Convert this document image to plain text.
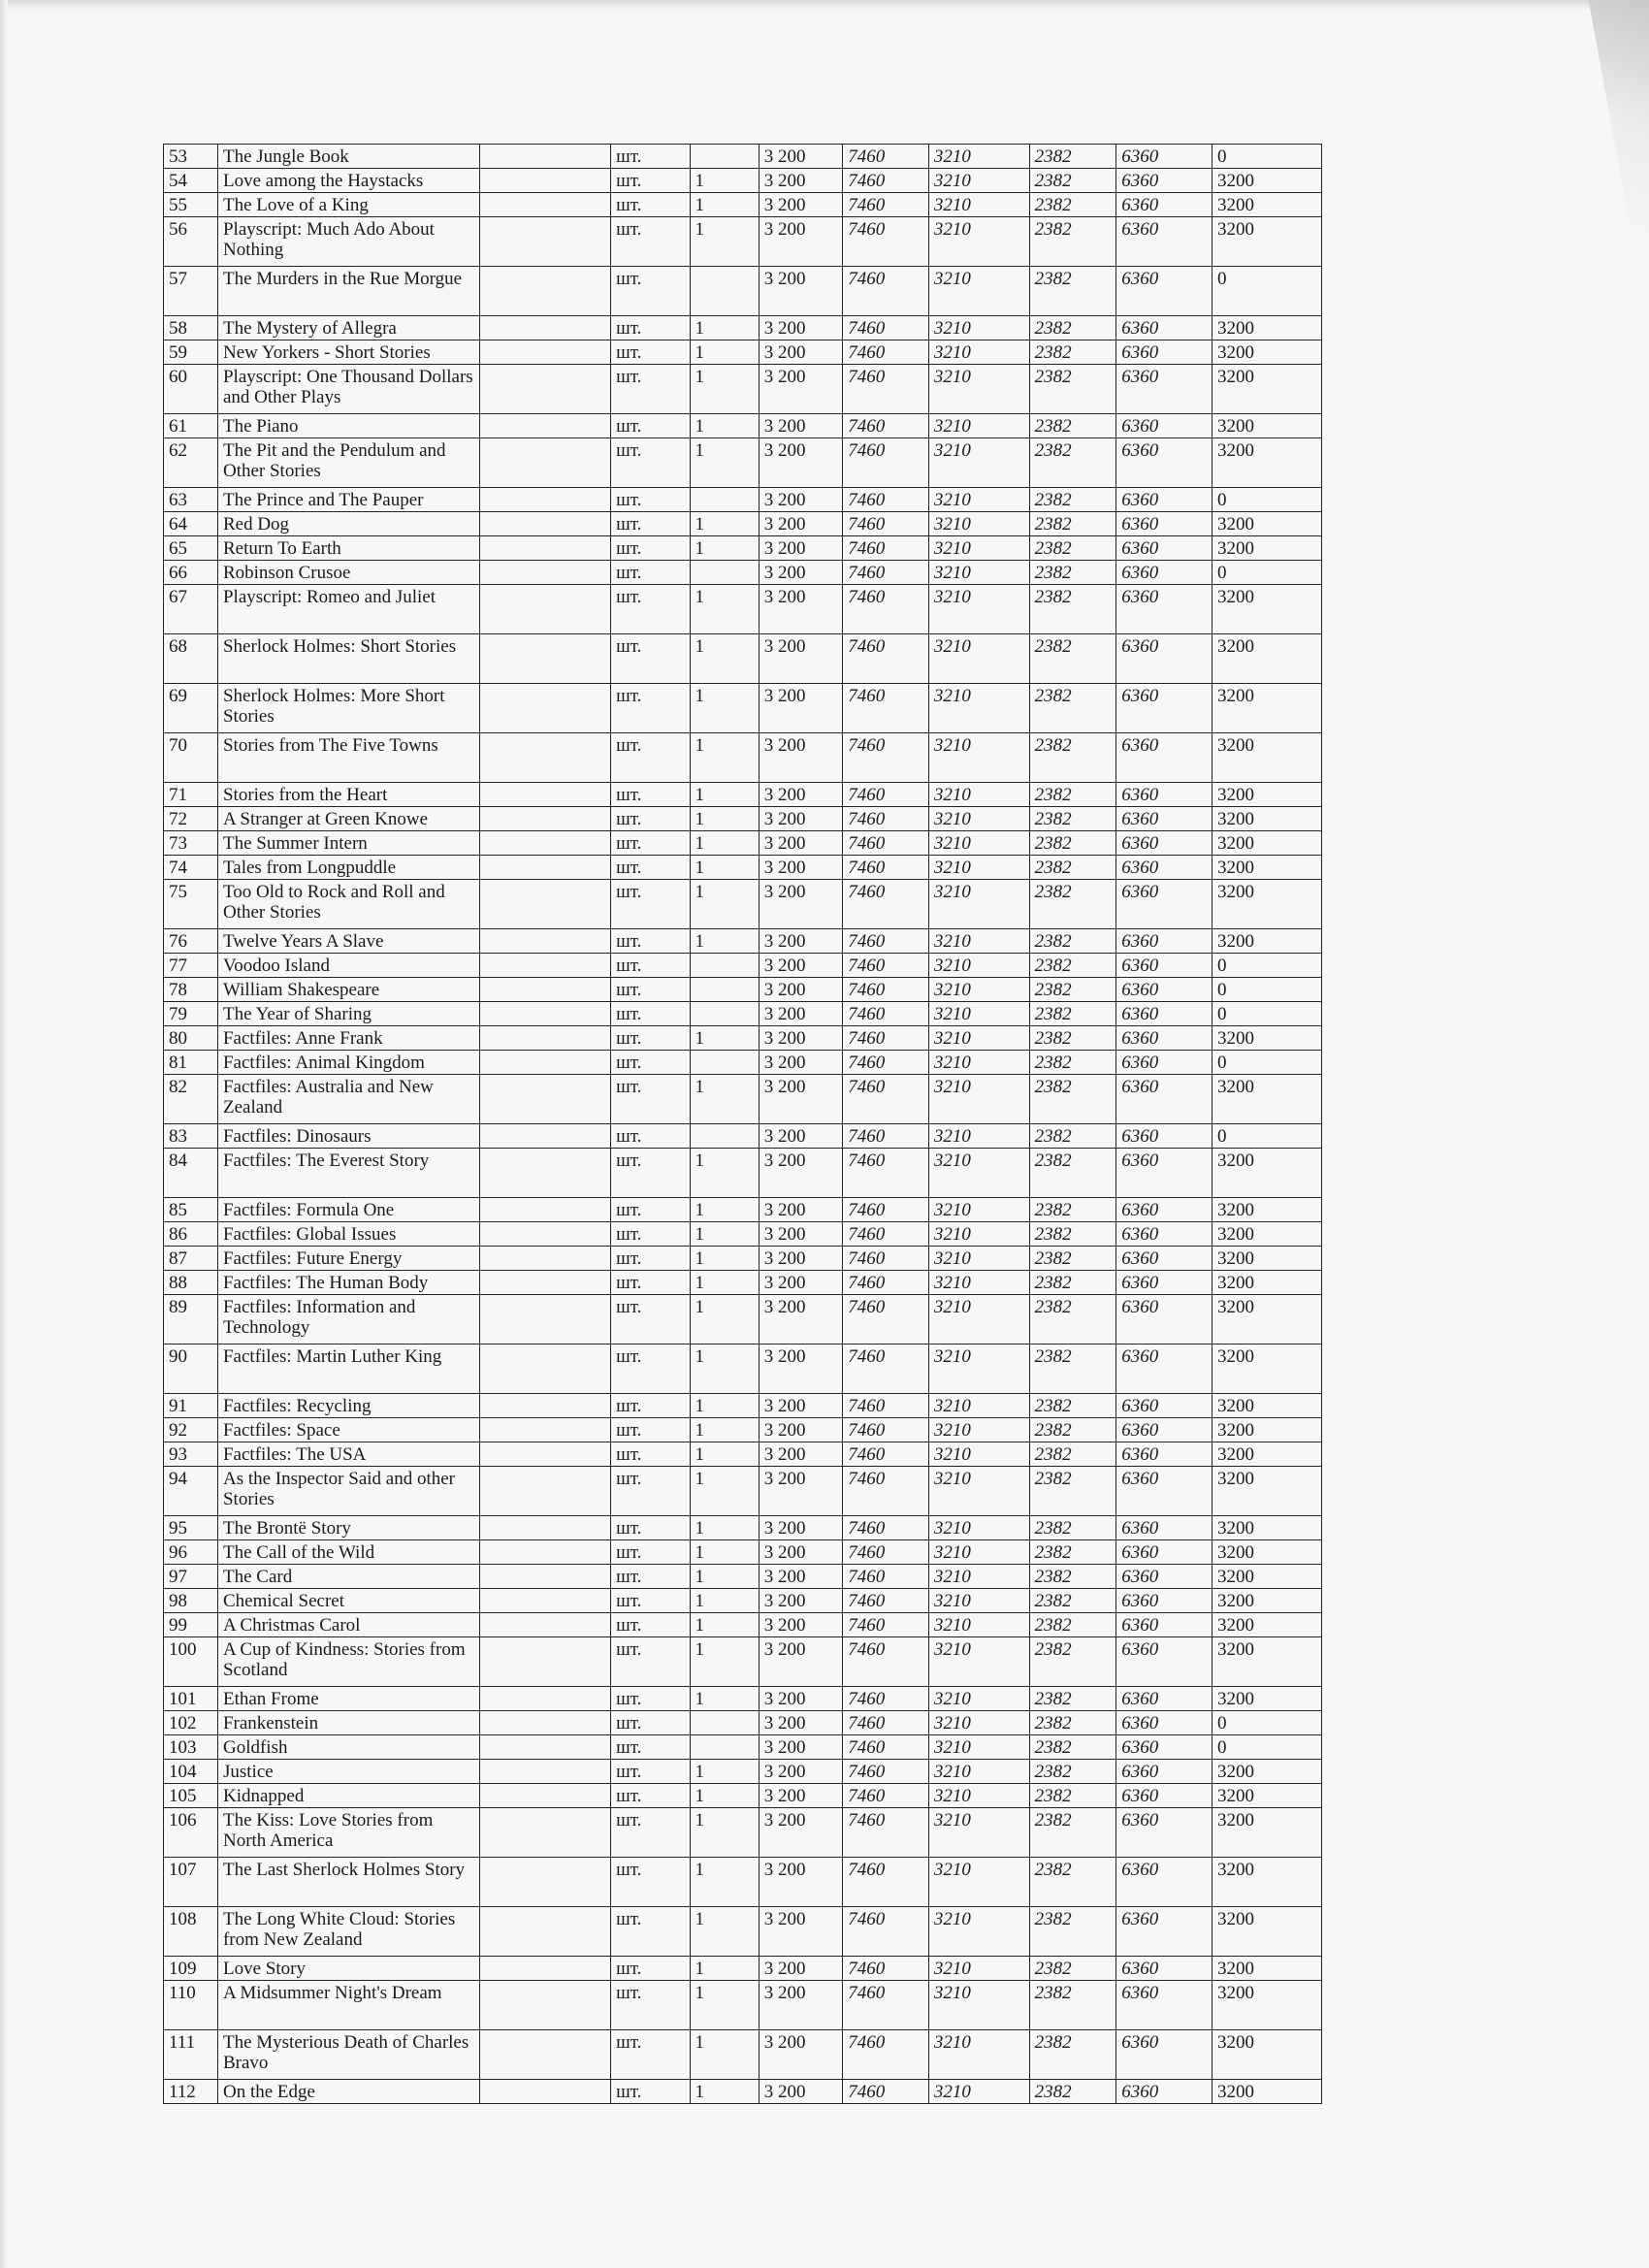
53	The Jungle Book		шт.		3 200	7460	3210	2382	6360	0
54	Love among the Haystacks		шт.	1	3 200	7460	3210	2382	6360	3200
55	The Love of a King		шт.	1	3 200	7460	3210	2382	6360	3200
56	Playscript: Much Ado About Nothing		шт.	1	3 200	7460	3210	2382	6360	3200
57	The Murders in the Rue Morgue		шт.		3 200	7460	3210	2382	6360	0
58	The Mystery of Allegra		шт.	1	3 200	7460	3210	2382	6360	3200
59	New Yorkers - Short Stories		шт.	1	3 200	7460	3210	2382	6360	3200
60	Playscript: One Thousand Dollars and Other Plays		шт.	1	3 200	7460	3210	2382	6360	3200
61	The Piano		шт.	1	3 200	7460	3210	2382	6360	3200
62	The Pit and the Pendulum and Other Stories		шт.	1	3 200	7460	3210	2382	6360	3200
63	The Prince and The Pauper		шт.		3 200	7460	3210	2382	6360	0
64	Red Dog		шт.	1	3 200	7460	3210	2382	6360	3200
65	Return To Earth		шт.	1	3 200	7460	3210	2382	6360	3200
66	Robinson Crusoe		шт.		3 200	7460	3210	2382	6360	0
67	Playscript: Romeo and Juliet		шт.	1	3 200	7460	3210	2382	6360	3200
68	Sherlock Holmes: Short Stories		шт.	1	3 200	7460	3210	2382	6360	3200
69	Sherlock Holmes: More Short Stories		шт.	1	3 200	7460	3210	2382	6360	3200
70	Stories from The Five Towns		шт.	1	3 200	7460	3210	2382	6360	3200
71	Stories from the Heart		шт.	1	3 200	7460	3210	2382	6360	3200
72	A Stranger at Green Knowe		шт.	1	3 200	7460	3210	2382	6360	3200
73	The Summer Intern		шт.	1	3 200	7460	3210	2382	6360	3200
74	Tales from Longpuddle		шт.	1	3 200	7460	3210	2382	6360	3200
75	Too Old to Rock and Roll and Other Stories		шт.	1	3 200	7460	3210	2382	6360	3200
76	Twelve Years A Slave		шт.	1	3 200	7460	3210	2382	6360	3200
77	Voodoo Island		шт.		3 200	7460	3210	2382	6360	0
78	William Shakespeare		шт.		3 200	7460	3210	2382	6360	0
79	The Year of Sharing		шт.		3 200	7460	3210	2382	6360	0
80	Factfiles: Anne Frank		шт.	1	3 200	7460	3210	2382	6360	3200
81	Factfiles: Animal Kingdom		шт.		3 200	7460	3210	2382	6360	0
82	Factfiles: Australia and New Zealand		шт.	1	3 200	7460	3210	2382	6360	3200
83	Factfiles: Dinosaurs		шт.		3 200	7460	3210	2382	6360	0
84	Factfiles: The Everest Story		шт.	1	3 200	7460	3210	2382	6360	3200
85	Factfiles: Formula One		шт.	1	3 200	7460	3210	2382	6360	3200
86	Factfiles: Global Issues		шт.	1	3 200	7460	3210	2382	6360	3200
87	Factfiles: Future Energy		шт.	1	3 200	7460	3210	2382	6360	3200
88	Factfiles: The Human Body		шт.	1	3 200	7460	3210	2382	6360	3200
89	Factfiles: Information and Technology		шт.	1	3 200	7460	3210	2382	6360	3200
90	Factfiles: Martin Luther King		шт.	1	3 200	7460	3210	2382	6360	3200
91	Factfiles: Recycling		шт.	1	3 200	7460	3210	2382	6360	3200
92	Factfiles: Space		шт.	1	3 200	7460	3210	2382	6360	3200
93	Factfiles: The USA		шт.	1	3 200	7460	3210	2382	6360	3200
94	As the Inspector Said and other Stories		шт.	1	3 200	7460	3210	2382	6360	3200
95	The Brontë Story		шт.	1	3 200	7460	3210	2382	6360	3200
96	The Call of the Wild		шт.	1	3 200	7460	3210	2382	6360	3200
97	The Card		шт.	1	3 200	7460	3210	2382	6360	3200
98	Chemical Secret		шт.	1	3 200	7460	3210	2382	6360	3200
99	A Christmas Carol		шт.	1	3 200	7460	3210	2382	6360	3200
100	A Cup of Kindness: Stories from Scotland		шт.	1	3 200	7460	3210	2382	6360	3200
101	Ethan Frome		шт.	1	3 200	7460	3210	2382	6360	3200
102	Frankenstein		шт.		3 200	7460	3210	2382	6360	0
103	Goldfish		шт.		3 200	7460	3210	2382	6360	0
104	Justice		шт.	1	3 200	7460	3210	2382	6360	3200
105	Kidnapped		шт.	1	3 200	7460	3210	2382	6360	3200
106	The Kiss: Love Stories from North America		шт.	1	3 200	7460	3210	2382	6360	3200
107	The Last Sherlock Holmes Story		шт.	1	3 200	7460	3210	2382	6360	3200
108	The Long White Cloud: Stories from New Zealand		шт.	1	3 200	7460	3210	2382	6360	3200
109	Love Story		шт.	1	3 200	7460	3210	2382	6360	3200
110	A Midsummer Night's Dream		шт.	1	3 200	7460	3210	2382	6360	3200
111	The Mysterious Death of Charles Bravo		шт.	1	3 200	7460	3210	2382	6360	3200
112	On the Edge		шт.	1	3 200	7460	3210	2382	6360	3200
